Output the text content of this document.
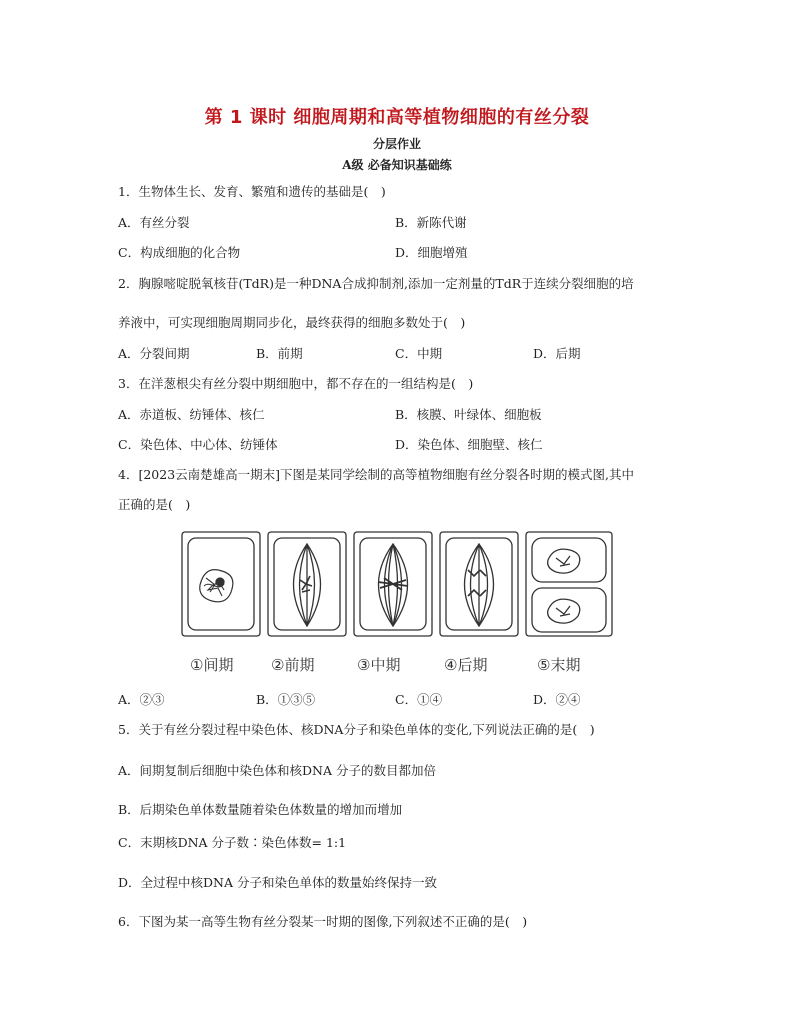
第 1 课时 细胞周期和高等植物细胞的有丝分裂
分层作业
A级 必备知识基础练
1．生物体生长、发育、繁殖和遗传的基础是(　)
A．有丝分裂	B．新陈代谢
C．构成细胞的化合物	D．细胞增殖
2．胸腺嘧啶脱氧核苷(TdR)是一种DNA合成抑制剂,添加一定剂量的TdR于连续分裂细胞的培
养液中，可实现细胞周期同步化，最终获得的细胞多数处于(　)
A．分裂间期	B．前期	C．中期	D．后期
3．在洋葱根尖有丝分裂中期细胞中，都不存在的一组结构是(　)
A．赤道板、纺锤体、核仁	B．核膜、叶绿体、细胞板
C．染色体、中心体、纺锤体	D．染色体、细胞壁、核仁
4．[2023云南楚雄高一期末]下图是某同学绘制的高等植物细胞有丝分裂各时期的模式图,其中
正确的是(　)
①间期	②前期	③中期	④后期	⑤末期
A．②③	B．①③⑤	C．①④	D．②④
5．关于有丝分裂过程中染色体、核DNA分子和染色单体的变化,下列说法正确的是(　)
A．间期复制后细胞中染色体和核DNA 分子的数目都加倍
B．后期染色单体数量随着染色体数量的增加而增加
C．末期核DNA 分子数∶染色体数= 1:1
D．全过程中核DNA 分子和染色单体的数量始终保持一致
6．下图为某一高等生物有丝分裂某一时期的图像,下列叙述不正确的是(　)
